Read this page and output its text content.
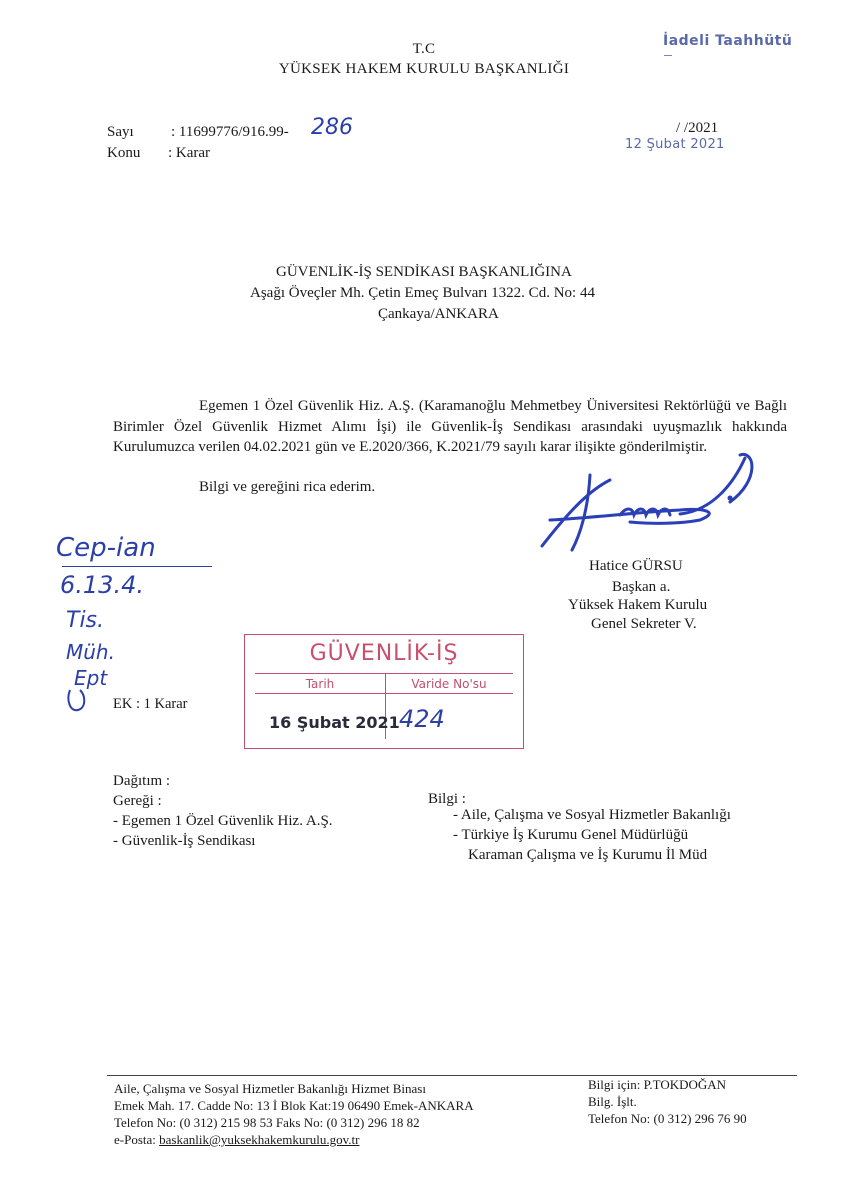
İadeli Taahhütü
T.C
YÜKSEK HAKEM KURULU BAŞKANLIĞI
Sayı : 11699776/916.99- 286
Konu : Karar
/ /2021
12 Şubat 2021
GÜVENLİK-İŞ SENDİKASI BAŞKANLIĞINA
Aşağı Öveçler Mh. Çetin Emeç Bulvarı 1322. Cd. No: 44
Çankaya/ANKARA
Egemen 1 Özel Güvenlik Hiz. A.Ş. (Karamanoğlu Mehmetbey Üniversitesi Rektörlüğü ve Bağlı Birimler Özel Güvenlik Hizmet Alımı İşi) ile Güvenlik-İş Sendikası arasındaki uyuşmazlık hakkında Kurulumuzca verilen 04.02.2021 gün ve E.2020/366, K.2021/79 sayılı karar ilişikte gönderilmiştir.
Bilgi ve gereğini rica ederim.
Hatice GÜRSU
Başkan a.
Yüksek Hakem Kurulu
Genel Sekreter V.
Cep-ian
6.13.4.
Tis.
Müh.
Ept
EK : 1 Karar
GÜVENLİK-İŞ
Tarih	Varide No'su
16 Şubat 2021 424
Dağıtım :
Gereği :
- Egemen 1 Özel Güvenlik Hiz. A.Ş.
- Güvenlik-İş Sendikası
Bilgi :
- Aile, Çalışma ve Sosyal Hizmetler Bakanlığı
- Türkiye İş Kurumu Genel Müdürlüğü
Karaman Çalışma ve İş Kurumu İl Müd
Aile, Çalışma ve Sosyal Hizmetler Bakanlığı Hizmet Binası
Emek Mah. 17. Cadde No: 13 İ Blok Kat:19 06490 Emek-ANKARA
Telefon No: (0 312) 215 98 53 Faks No: (0 312) 296 18 82
e-Posta: baskanlik@yuksekhakemkurulu.gov.tr
Bilgi için: P.TOKDOĞAN
Bilg. İşlt.
Telefon No: (0 312) 296 76 90
